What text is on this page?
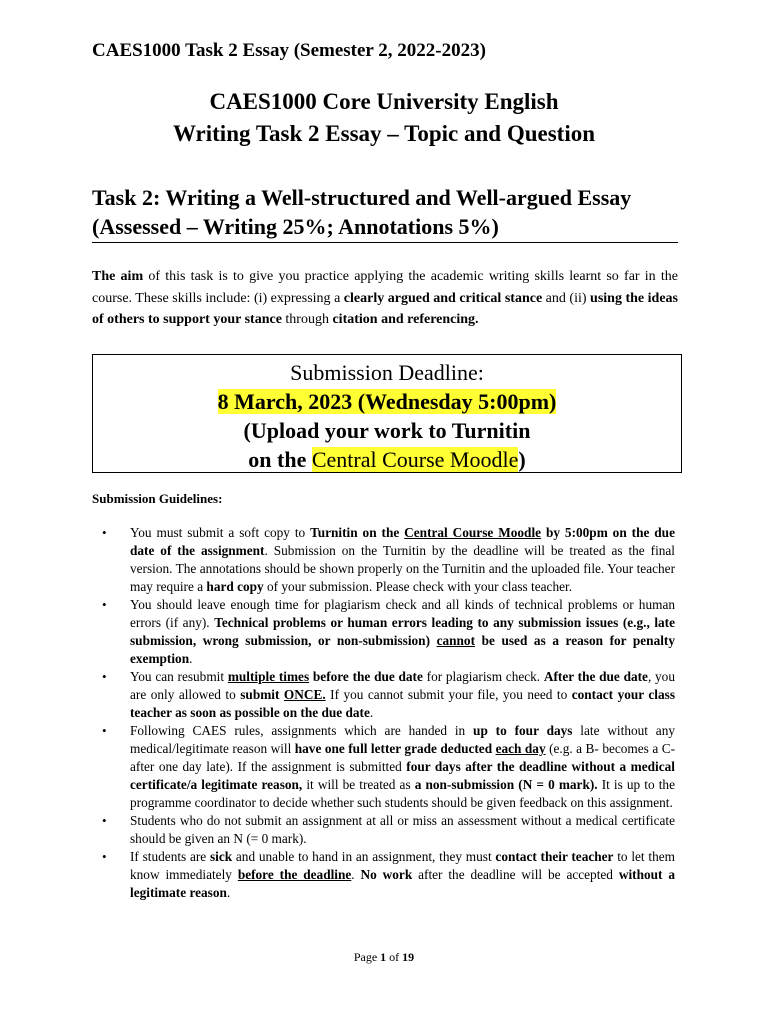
CAES1000 Task 2 Essay (Semester 2, 2022-2023)
CAES1000 Core University English
Writing Task 2 Essay – Topic and Question
Task 2: Writing a Well-structured and Well-argued Essay
(Assessed – Writing 25%; Annotations 5%)

The aim of this task is to give you practice applying the academic writing skills learnt so far in the course. These skills include: (i) expressing a clearly argued and critical stance and (ii) using the ideas of others to support your stance through citation and referencing.

Submission Deadline:
8 March, 2023 (Wednesday 5:00pm)
(Upload your work to Turnitin
on the Central Course Moodle)
Submission Guidelines:
• You must submit a soft copy to Turnitin on the Central Course Moodle by 5:00pm on the due date of the assignment. Submission on the Turnitin by the deadline will be treated as the final version. The annotations should be shown properly on the Turnitin and the uploaded file. Your teacher may require a hard copy of your submission. Please check with your class teacher.
• You should leave enough time for plagiarism check and all kinds of technical problems or human errors (if any). Technical problems or human errors leading to any submission issues (e.g., late submission, wrong submission, or non-submission) cannot be used as a reason for penalty exemption.
• You can resubmit multiple times before the due date for plagiarism check. After the due date, you are only allowed to submit ONCE. If you cannot submit your file, you need to contact your class teacher as soon as possible on the due date.
• Following CAES rules, assignments which are handed in up to four days late without any medical/legitimate reason will have one full letter grade deducted each day (e.g. a B- becomes a C- after one day late). If the assignment is submitted four days after the deadline without a medical certificate/a legitimate reason, it will be treated as a non-submission (N = 0 mark). It is up to the programme coordinator to decide whether such students should be given feedback on this assignment.
• Students who do not submit an assignment at all or miss an assessment without a medical certificate should be given an N (= 0 mark).
• If students are sick and unable to hand in an assignment, they must contact their teacher to let them know immediately before the deadline. No work after the deadline will be accepted without a legitimate reason.
Page 1 of 19
